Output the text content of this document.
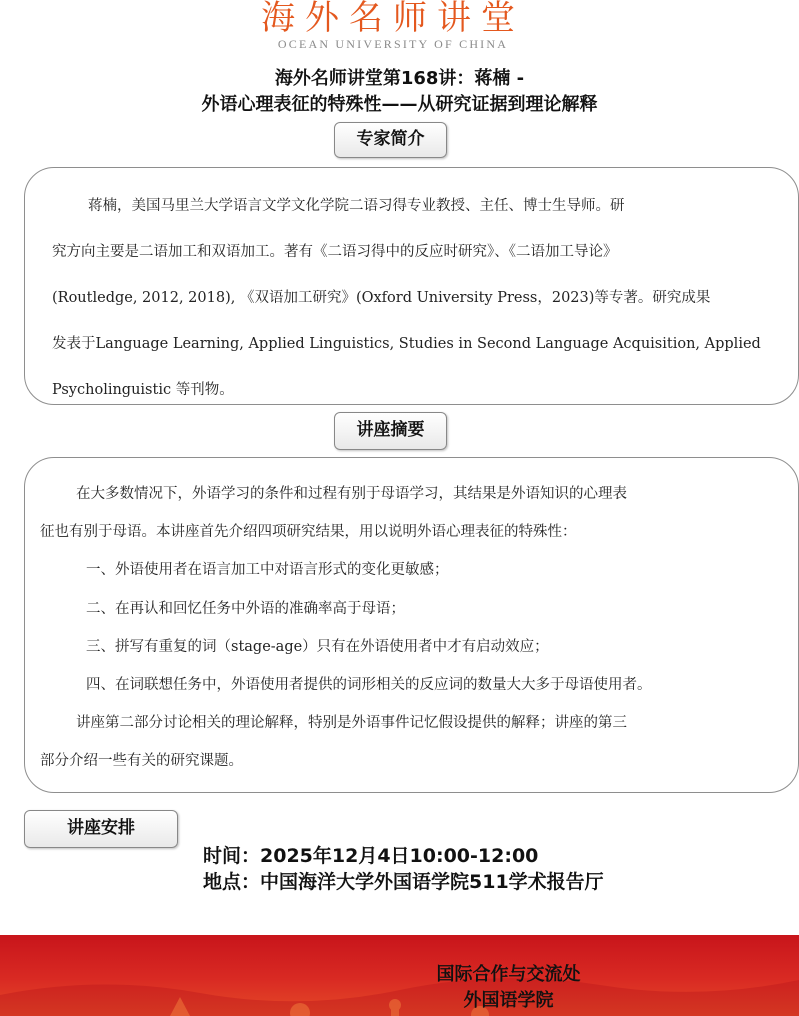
海外名师讲堂
OCEAN UNIVERSITY OF CHINA
海外名师讲堂第168讲：蒋楠 -
外语心理表征的特殊性——从研究证据到理论解释
专家简介

蒋楠，美国马里兰大学语言文学文化学院二语习得专业教授、主任、博士生导师。研

究方向主要是二语加工和双语加工。著有《二语习得中的反应时研究》、《二语加工导论》

(Routledge, 2012, 2018), 《双语加工研究》(Oxford University Press，2023)等专著。研究成果

发表于Language Learning, Applied Linguistics, Studies in Second Language Acquisition, Applied

Psycholinguistic 等刊物。

讲座摘要

在大多数情况下，外语学习的条件和过程有别于母语学习，其结果是外语知识的心理表

征也有别于母语。本讲座首先介绍四项研究结果，用以说明外语心理表征的特殊性：

一、外语使用者在语言加工中对语言形式的变化更敏感；

二、在再认和回忆任务中外语的准确率高于母语；

三、拼写有重复的词（stage-age）只有在外语使用者中才有启动效应；

四、在词联想任务中，外语使用者提供的词形相关的反应词的数量大大多于母语使用者。

讲座第二部分讨论相关的理论解释，特别是外语事件记忆假设提供的解释；讲座的第三

部分介绍一些有关的研究课题。

讲座安排
时间：2025年12月4日10:00-12:00
地点：中国海洋大学外国语学院511学术报告厅
国际合作与交流处
外国语学院
